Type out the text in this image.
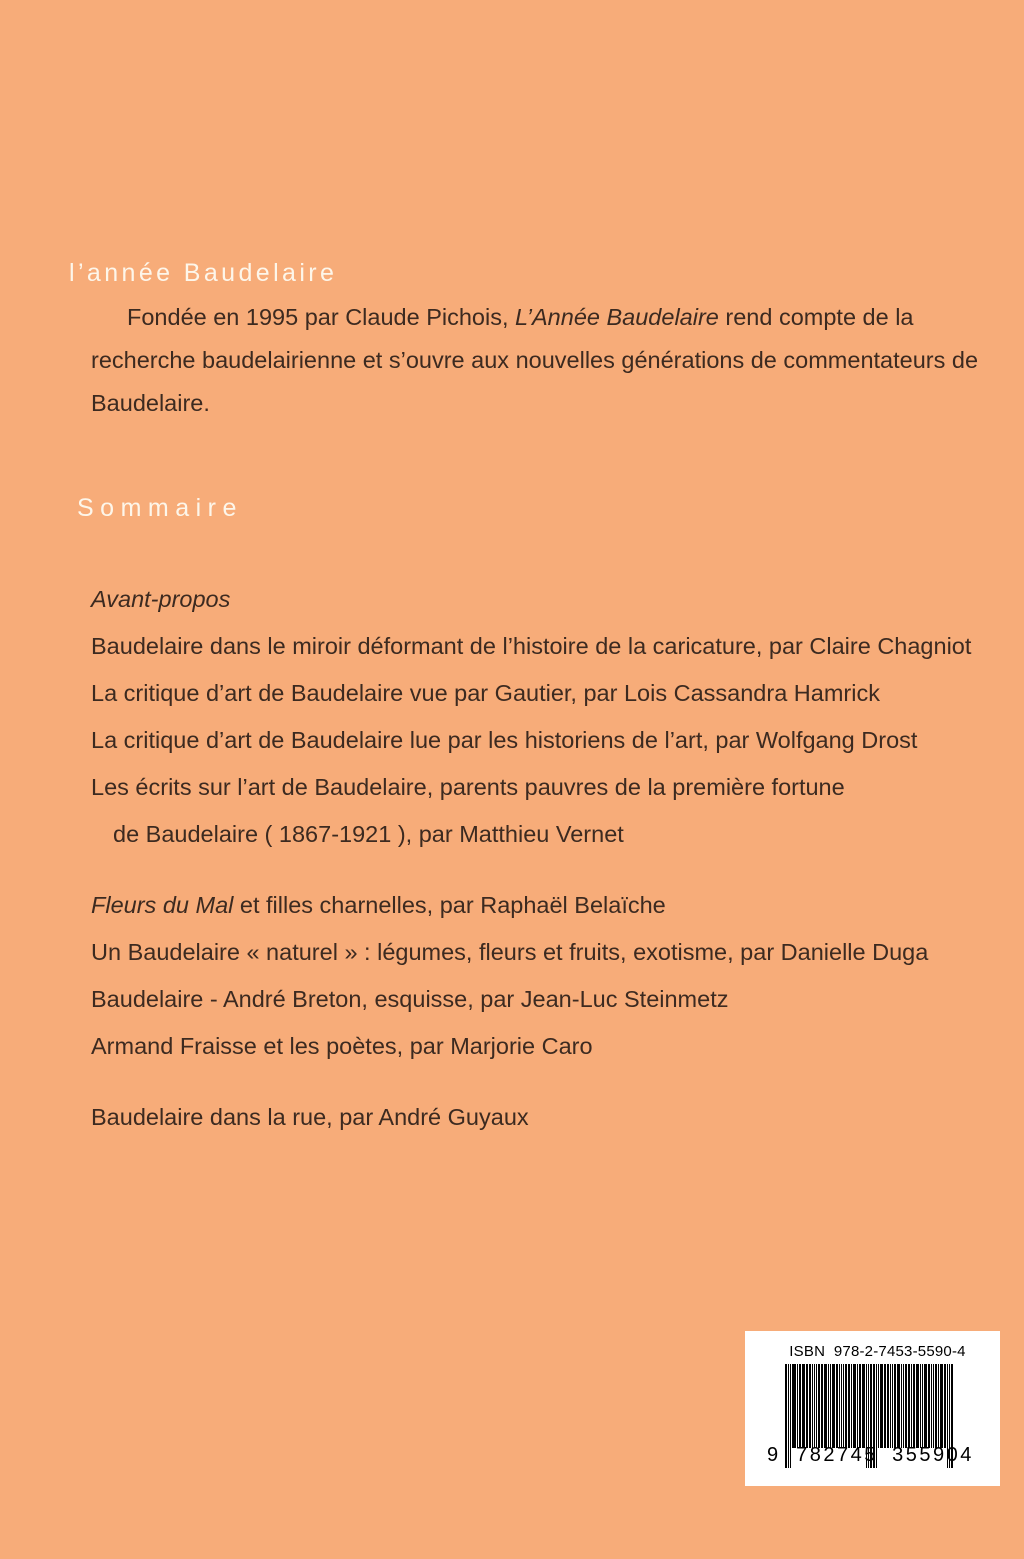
l’année Baudelaire

Fondée en 1995 par Claude Pichois, L’Année Baudelaire rend compte de la recherche baudelairienne et s’ouvre aux nouvelles générations de commentateurs de Baudelaire.

Sommaire
Avant-propos
Baudelaire dans le miroir déformant de l’histoire de la caricature, par Claire Chagniot
La critique d’art de Baudelaire vue par Gautier, par Lois Cassandra Hamrick
La critique d’art de Baudelaire lue par les historiens de l’art, par Wolfgang Drost
Les écrits sur l’art de Baudelaire, parents pauvres de la première fortune
de Baudelaire ( 1867-1921 ), par Matthieu Vernet
Fleurs du Mal et filles charnelles, par Raphaël Belaïche
Un Baudelaire « naturel » : légumes, fleurs et fruits, exotisme, par Danielle Duga
Baudelaire - André Breton, esquisse, par Jean-Luc Steinmetz
Armand Fraisse et les poètes, par Marjorie Caro
Baudelaire dans la rue, par André Guyaux
ISBN 978-2-7453-5590-4
9 782745 355904
